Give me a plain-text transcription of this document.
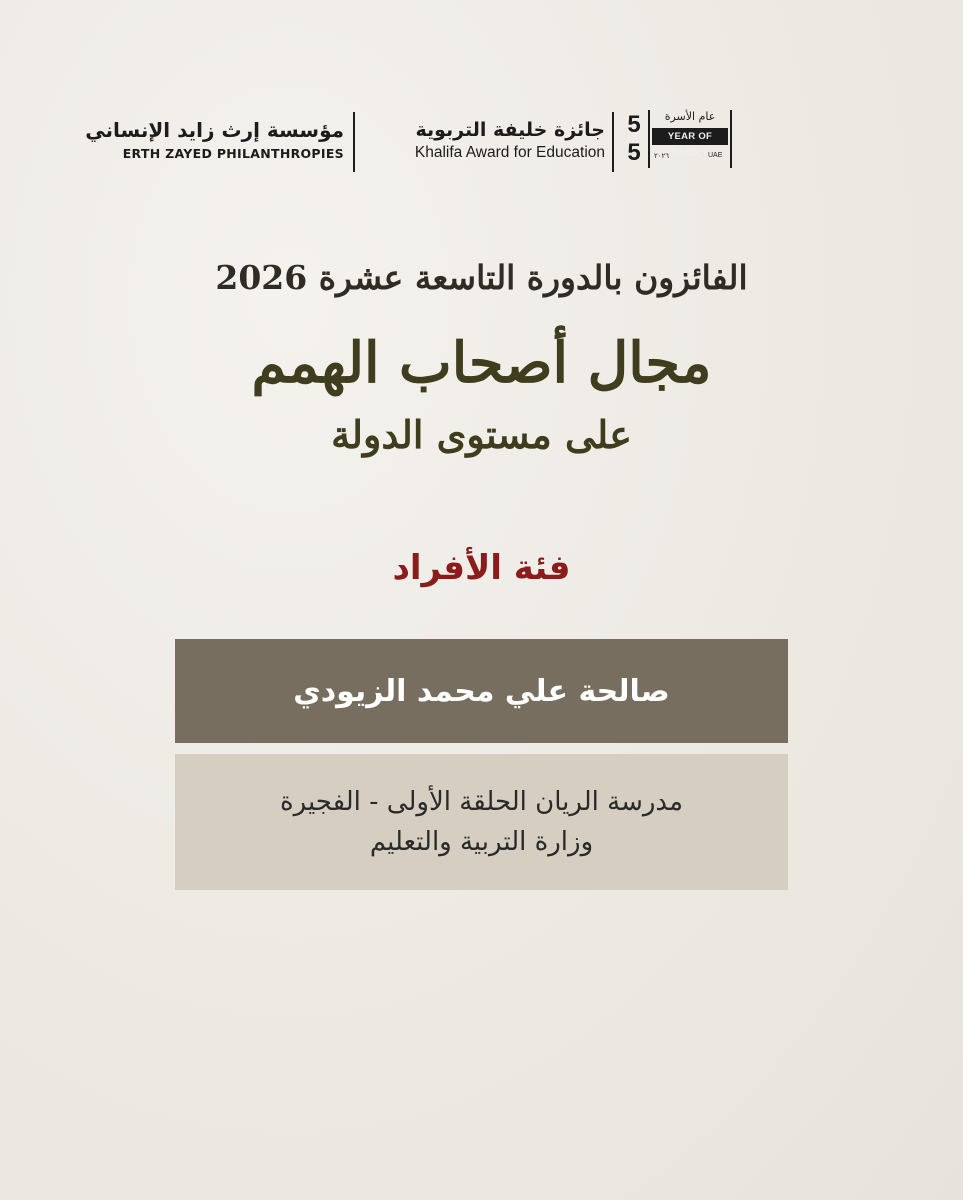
مؤسسة إرث زايد الإنساني
ERTH ZAYED PHILANTHROPIES
جائزة خليفة التربوية
Khalifa Award for Education
5
5
عام الأسرة
YEAR OF FAMILY
٢٠٢٦	UAE
الفائزون بالدورة التاسعة عشرة 2026
مجال أصحاب الهمم
على مستوى الدولة
فئة الأفراد
صالحة علي محمد الزيودي
مدرسة الريان الحلقة الأولى - الفجيرة
وزارة التربية والتعليم
